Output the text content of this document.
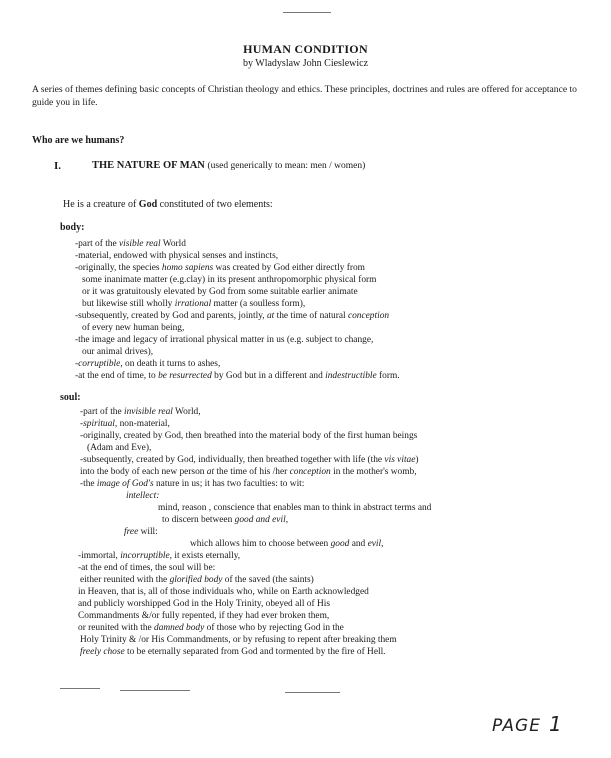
HUMAN CONDITION
by Wladyslaw John Cieslewicz
A series of themes defining basic concepts of Christian theology and ethics. These principles, doctrines and rules are offered for acceptance to guide you in life.
Who are we humans?
I.	THE NATURE OF MAN (used generically to mean: men / women)
He is a creature of God constituted of two elements:
body:
-part of the visible real World
-material, endowed with physical senses and instincts,
-originally, the species homo sapiens was created by God either directly from
some inanimate matter (e.g.clay) in its present anthropomorphic physical form
or it was gratuitously elevated by God from some suitable earlier animate
but likewise still wholly irrational matter (a soulless form),
-subsequently, created by God and parents, jointly, at the time of natural conception
of every new human being,
-the image and legacy of irrational physical matter in us (e.g. subject to change,
our animal drives),
-corruptible, on death it turns to ashes,
-at the end of time, to be resurrected by God but in a different and indestructible form.
soul:
-part of the invisible real World,
-spiritual, non-material,
-originally, created by God, then breathed into the material body of the first human beings
(Adam and Eve),
-subsequently, created by God, individually, then breathed together with life (the vis vitae)
into the body of each new person at the time of his /her conception in the mother's womb,
-the image of God's nature in us; it has two faculties: to wit:
intellect:
mind, reason , conscience that enables man to think in abstract terms and
to discern between good and evil,
free will:
which allows him to choose between good and evil,
-immortal, incorruptible, it exists eternally,
-at the end of times, the soul will be:
either reunited with the glorified body of the saved (the saints)
in Heaven, that is, all of those individuals who, while on Earth acknowledged
and publicly worshipped God in the Holy Trinity, obeyed all of His
Commandments &/or fully repented, if they had ever broken them,
or reunited with the damned body of those who by rejecting God in the
Holy Trinity & /or His Commandments, or by refusing to repent after breaking them
freely chose to be eternally separated from God and tormented by the fire of Hell.
PAGE 1
